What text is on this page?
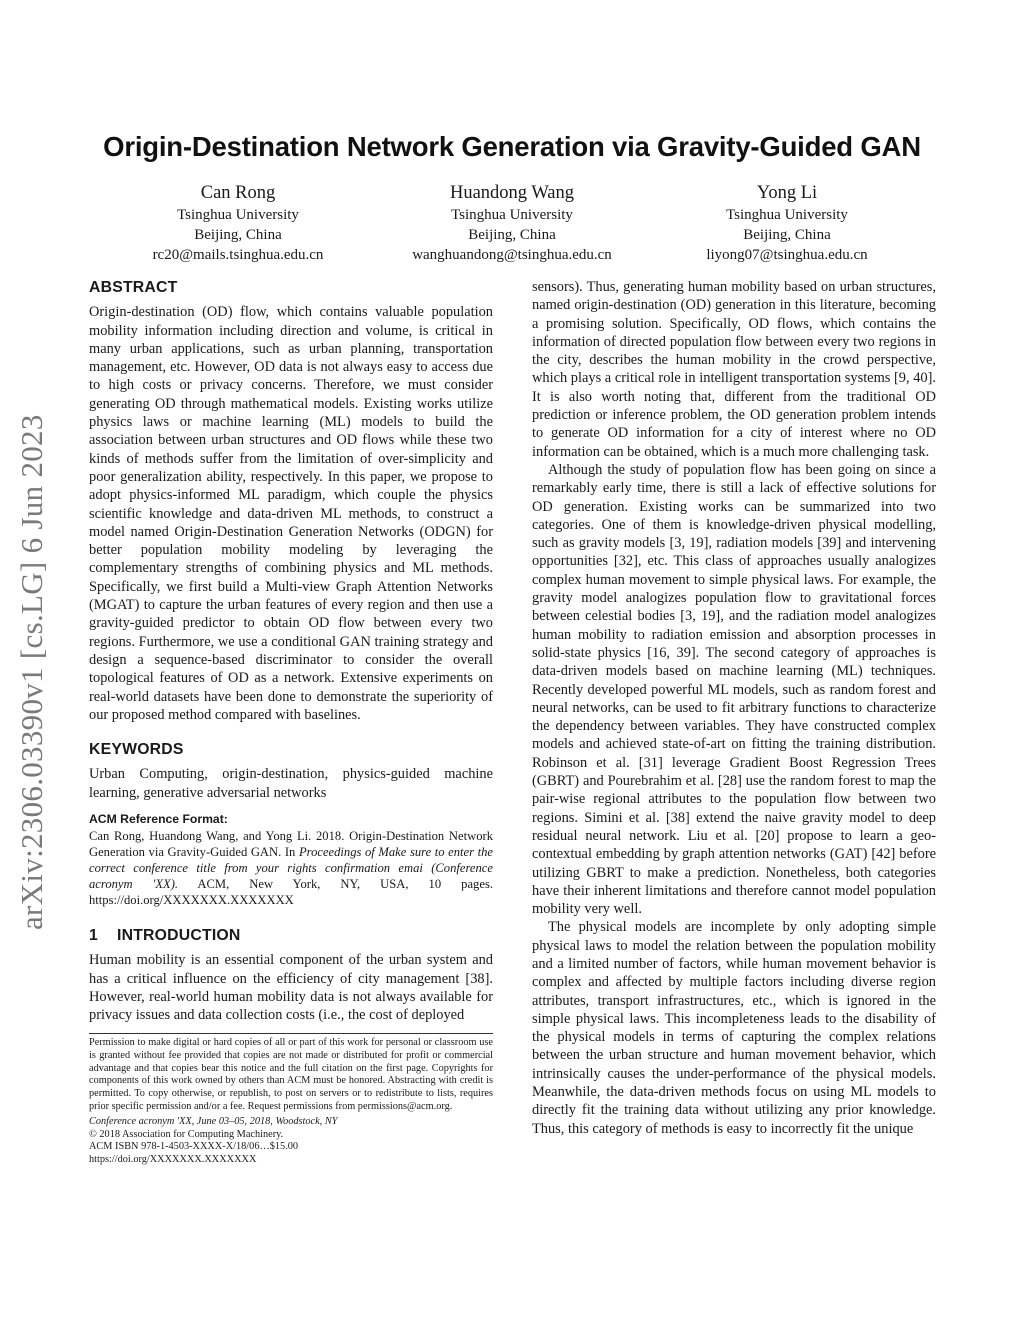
arXiv:2306.03390v1 [cs.LG] 6 Jun 2023
Origin-Destination Network Generation via Gravity-Guided GAN
Can Rong
Tsinghua University
Beijing, China
rc20@mails.tsinghua.edu.cn
Huandong Wang
Tsinghua University
Beijing, China
wanghuandong@tsinghua.edu.cn
Yong Li
Tsinghua University
Beijing, China
liyong07@tsinghua.edu.cn
ABSTRACT

Origin-destination (OD) flow, which contains valuable population mobility information including direction and volume, is critical in many urban applications, such as urban planning, transportation management, etc. However, OD data is not always easy to access due to high costs or privacy concerns. Therefore, we must consider generating OD through mathematical models. Existing works utilize physics laws or machine learning (ML) models to build the association between urban structures and OD flows while these two kinds of methods suffer from the limitation of over-simplicity and poor generalization ability, respectively. In this paper, we propose to adopt physics-informed ML paradigm, which couple the physics scientific knowledge and data-driven ML methods, to construct a model named Origin-Destination Generation Networks (ODGN) for better population mobility modeling by leveraging the complementary strengths of combining physics and ML methods. Specifically, we first build a Multi-view Graph Attention Networks (MGAT) to capture the urban features of every region and then use a gravity-guided predictor to obtain OD flow between every two regions. Furthermore, we use a conditional GAN training strategy and design a sequence-based discriminator to consider the overall topological features of OD as a network. Extensive experiments on real-world datasets have been done to demonstrate the superiority of our proposed method compared with baselines.

KEYWORDS

Urban Computing, origin-destination, physics-guided machine learning, generative adversarial networks

ACM Reference Format:

Can Rong, Huandong Wang, and Yong Li. 2018. Origin-Destination Network Generation via Gravity-Guided GAN. In Proceedings of Make sure to enter the correct conference title from your rights confirmation emai (Conference acronym 'XX). ACM, New York, NY, USA, 10 pages. https://doi.org/XXXXXXX.XXXXXXX

1 INTRODUCTION

Human mobility is an essential component of the urban system and has a critical influence on the efficiency of city management [38]. However, real-world human mobility data is not always available for privacy issues and data collection costs (i.e., the cost of deployed

Permission to make digital or hard copies of all or part of this work for personal or classroom use is granted without fee provided that copies are not made or distributed for profit or commercial advantage and that copies bear this notice and the full citation on the first page. Copyrights for components of this work owned by others than ACM must be honored. Abstracting with credit is permitted. To copy otherwise, or republish, to post on servers or to redistribute to lists, requires prior specific permission and/or a fee. Request permissions from permissions@acm.org.

Conference acronym 'XX, June 03–05, 2018, Woodstock, NY

© 2018 Association for Computing Machinery.

ACM ISBN 978-1-4503-XXXX-X/18/06…$15.00

https://doi.org/XXXXXXX.XXXXXXX

sensors). Thus, generating human mobility based on urban structures, named origin-destination (OD) generation in this literature, becoming a promising solution. Specifically, OD flows, which contains the information of directed population flow between every two regions in the city, describes the human mobility in the crowd perspective, which plays a critical role in intelligent transportation systems [9, 40]. It is also worth noting that, different from the traditional OD prediction or inference problem, the OD generation problem intends to generate OD information for a city of interest where no OD information can be obtained, which is a much more challenging task.

Although the study of population flow has been going on since a remarkably early time, there is still a lack of effective solutions for OD generation. Existing works can be summarized into two categories. One of them is knowledge-driven physical modelling, such as gravity models [3, 19], radiation models [39] and intervening opportunities [32], etc. This class of approaches usually analogizes complex human movement to simple physical laws. For example, the gravity model analogizes population flow to gravitational forces between celestial bodies [3, 19], and the radiation model analogizes human mobility to radiation emission and absorption processes in solid-state physics [16, 39]. The second category of approaches is data-driven models based on machine learning (ML) techniques. Recently developed powerful ML models, such as random forest and neural networks, can be used to fit arbitrary functions to characterize the dependency between variables. They have constructed complex models and achieved state-of-art on fitting the training distribution. Robinson et al. [31] leverage Gradient Boost Regression Trees (GBRT) and Pourebrahim et al. [28] use the random forest to map the pair-wise regional attributes to the population flow between two regions. Simini et al. [38] extend the naive gravity model to deep residual neural network. Liu et al. [20] propose to learn a geo-contextual embedding by graph attention networks (GAT) [42] before utilizing GBRT to make a prediction. Nonetheless, both categories have their inherent limitations and therefore cannot model population mobility very well.

The physical models are incomplete by only adopting simple physical laws to model the relation between the population mobility and a limited number of factors, while human movement behavior is complex and affected by multiple factors including diverse region attributes, transport infrastructures, etc., which is ignored in the simple physical laws. This incompleteness leads to the disability of the physical models in terms of capturing the complex relations between the urban structure and human movement behavior, which intrinsically causes the under-performance of the physical models. Meanwhile, the data-driven methods focus on using ML models to directly fit the training data without utilizing any prior knowledge. Thus, this category of methods is easy to incorrectly fit the unique
